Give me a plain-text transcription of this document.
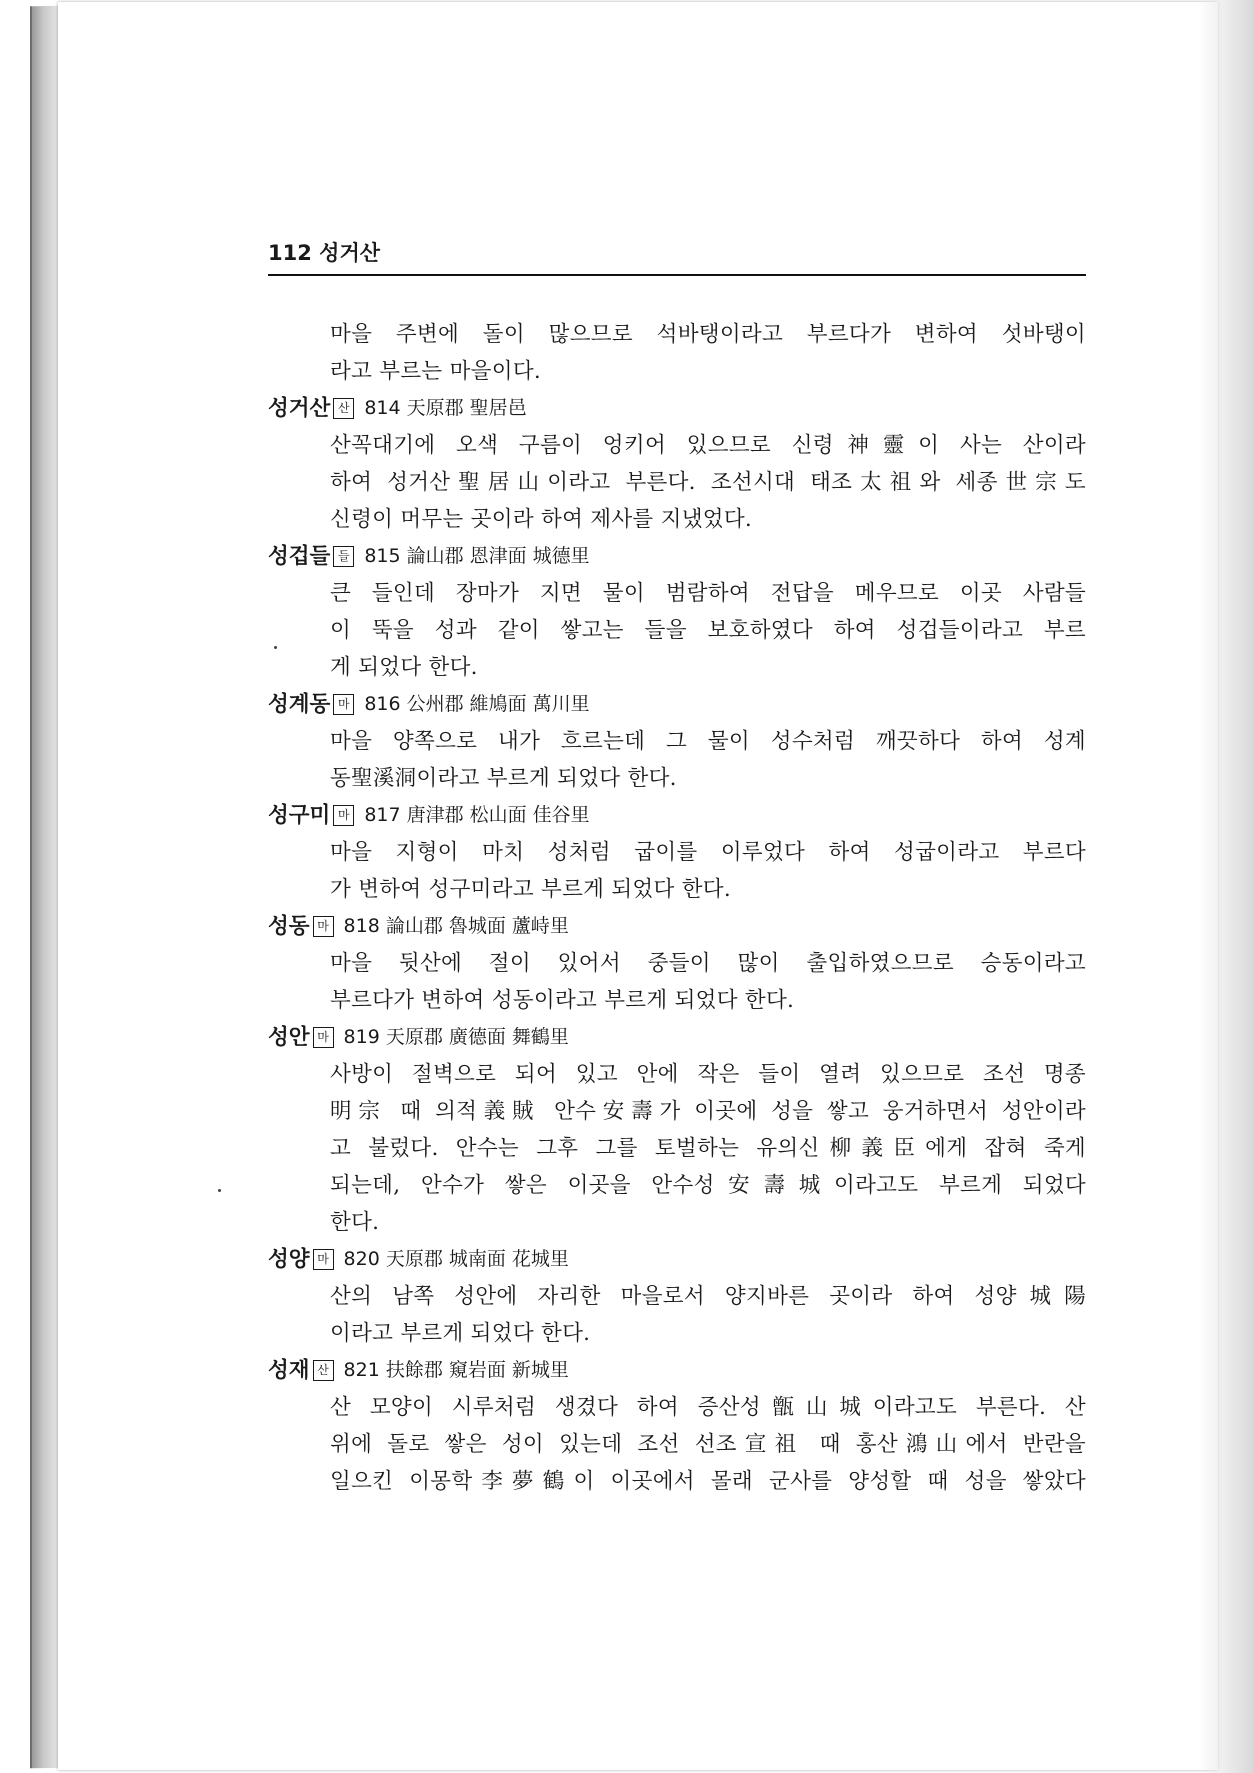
112 성거산
마을 주변에 돌이 많으므로 석바탱이라고 부르다가 변하여 섯바탱이
라고 부르는 마을이다.
성거산 산 814 天原郡 聖居邑
산꼭대기에 오색 구름이 엉키어 있으므로 신령神靈이 사는 산이라
하여 성거산聖居山이라고 부른다. 조선시대 태조太祖와 세종世宗도
신령이 머무는 곳이라 하여 제사를 지냈었다.
성겁들 들 815 論山郡 恩津面 城德里
큰 들인데 장마가 지면 물이 범람하여 전답을 메우므로 이곳 사람들
이 뚝을 성과 같이 쌓고는 들을 보호하였다 하여 성겁들이라고 부르
게 되었다 한다.
성계동 마 816 公州郡 維鳩面 萬川里
마을 양쪽으로 내가 흐르는데 그 물이 성수처럼 깨끗하다 하여 성계
동聖溪洞이라고 부르게 되었다 한다.
성구미 마 817 唐津郡 松山面 佳谷里
마을 지형이 마치 성처럼 굽이를 이루었다 하여 성굽이라고 부르다
가 변하여 성구미라고 부르게 되었다 한다.
성동 마 818 論山郡 魯城面 蘆峙里
마을 뒷산에 절이 있어서 중들이 많이 출입하였으므로 승동이라고
부르다가 변하여 성동이라고 부르게 되었다 한다.
성안 마 819 天原郡 廣德面 舞鶴里
사방이 절벽으로 되어 있고 안에 작은 들이 열려 있으므로 조선 명종
明宗 때 의적義賊 안수安壽가 이곳에 성을 쌓고 웅거하면서 성안이라
고 불렀다. 안수는 그후 그를 토벌하는 유의신柳義臣에게 잡혀 죽게
되는데, 안수가 쌓은 이곳을 안수성安壽城이라고도 부르게 되었다
한다.
성양 마 820 天原郡 城南面 花城里
산의 남쪽 성안에 자리한 마을로서 양지바른 곳이라 하여 성양城陽
이라고 부르게 되었다 한다.
성재 산 821 扶餘郡 窺岩面 新城里
산 모양이 시루처럼 생겼다 하여 증산성甑山城이라고도 부른다. 산
위에 돌로 쌓은 성이 있는데 조선 선조宣祖 때 홍산鴻山에서 반란을
일으킨 이몽학李夢鶴이 이곳에서 몰래 군사를 양성할 때 성을 쌓았다
